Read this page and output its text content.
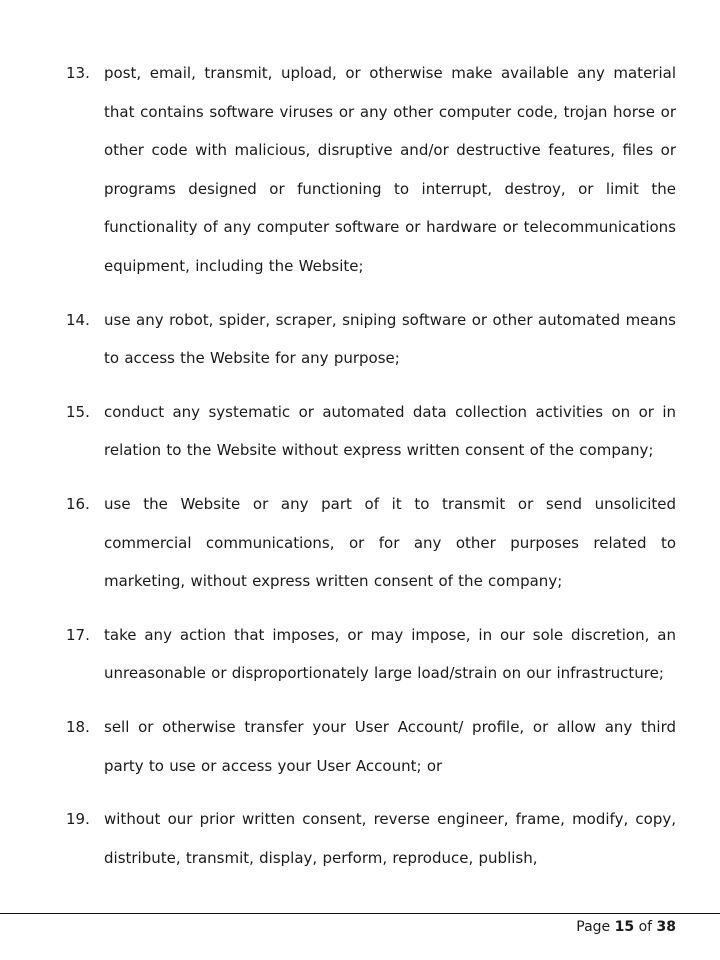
13. post, email, transmit, upload, or otherwise make available any material that contains software viruses or any other computer code, trojan horse or other code with malicious, disruptive and/or destructive features, files or programs designed or functioning to interrupt, destroy, or limit the functionality of any computer software or hardware or telecommunications equipment, including the Website;

14. use any robot, spider, scraper, sniping software or other automated means to access the Website for any purpose;

15. conduct any systematic or automated data collection activities on or in relation to the Website without express written consent of the company;

16. use the Website or any part of it to transmit or send unsolicited commercial communications, or for any other purposes related to marketing, without express written consent of the company;

17. take any action that imposes, or may impose, in our sole discretion, an unreasonable or disproportionately large load/strain on our infrastructure;

18. sell or otherwise transfer your User Account/ profile, or allow any third party to use or access your User Account; or

19. without our prior written consent, reverse engineer, frame, modify, copy, distribute, transmit, display, perform, reproduce, publish,

Page 15 of 38
